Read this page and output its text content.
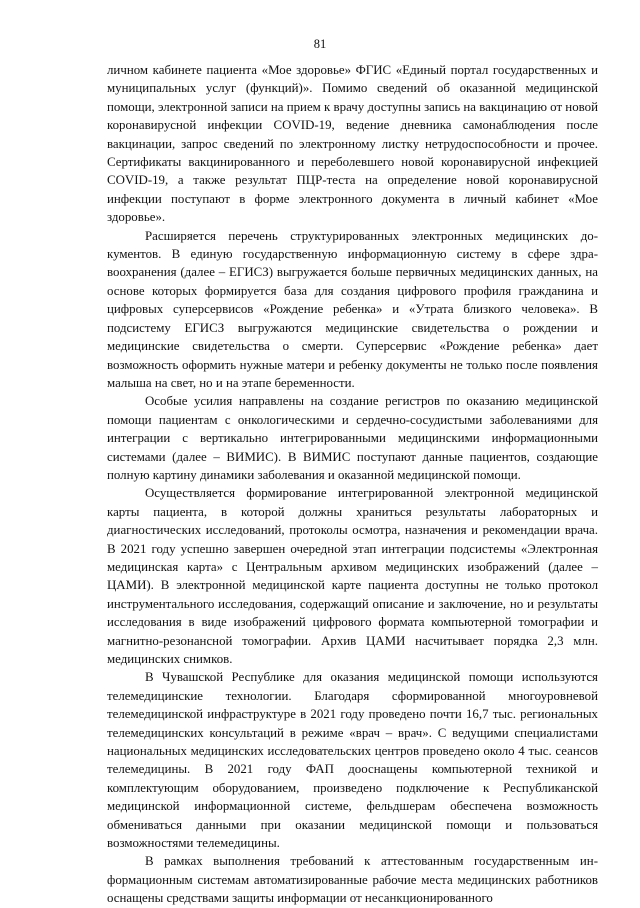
81

личном кабинете пациента «Мое здоровье» ФГИС «Единый портал государственных и муниципальных услуг (функций)». Помимо сведений об оказанной медицинской помощи, электронной записи на прием к врачу доступны запись на вакцинацию от новой коронавирусной инфекции COVID-19, ведение дневника самонаблюдения после вакцинации, запрос сведений по электронному листку нетрудоспособности и прочее. Сертификаты вакцинированного и переболевшего новой коронавирусной инфекцией COVID-19, а также результат ПЦР-теста на определение новой коронавирусной инфекции поступают в форме электронного документа в личный кабинет «Мое здоровье».

Расширяется перечень структурированных электронных медицинских документов. В единую государственную информационную систему в сфере здравоохранения (далее – ЕГИСЗ) выгружается больше первичных медицинских данных, на основе которых формируется база для создания цифрового профиля гражданина и цифровых суперсервисов «Рождение ребенка» и «Утрата близкого человека». В подсистему ЕГИСЗ выгружаются медицинские свидетельства о рождении и медицинские свидетельства о смерти. Суперсервис «Рождение ребенка» дает возможность оформить нужные матери и ребенку документы не только после появления малыша на свет, но и на этапе беременности.

Особые усилия направлены на создание регистров по оказанию медицинской помощи пациентам с онкологическими и сердечно-сосудистыми заболеваниями для интеграции с вертикально интегрированными медицинскими информационными системами (далее – ВИМИС). В ВИМИС поступают данные пациентов, создающие полную картину динамики заболевания и оказанной медицинской помощи.

Осуществляется формирование интегрированной электронной медицинской карты пациента, в которой должны храниться результаты лабораторных и диагностических исследований, протоколы осмотра, назначения и рекомендации врача. В 2021 году успешно завершен очередной этап интеграции подсистемы «Электронная медицинская карта» с Центральным архивом медицинских изображений (далее – ЦАМИ). В электронной медицинской карте пациента доступны не только протокол инструментального исследования, содержащий описание и заключение, но и результаты исследования в виде изображений цифрового формата компьютерной томографии и магнитно-резонансной томографии. Архив ЦАМИ насчитывает порядка 2,3 млн. медицинских снимков.

В Чувашской Республике для оказания медицинской помощи используются телемедицинские технологии. Благодаря сформированной многоуровневой телемедицинской инфраструктуре в 2021 году проведено почти 16,7 тыс. региональных телемедицинских консультаций в режиме «врач – врач». С ведущими специалистами национальных медицинских исследовательских центров проведено около 4 тыс. сеансов телемедицины. В 2021 году ФАП дооснащены компьютерной техникой и комплектующим оборудованием, произведено подключение к Республиканской медицинской информационной системе, фельдшерам обеспечена возможность обмениваться данными при оказании медицинской помощи и пользоваться возможностями телемедицины.

В рамках выполнения требований к аттестованным государственным информационным системам автоматизированные рабочие места медицинских работников оснащены средствами защиты информации от несанкционированного
